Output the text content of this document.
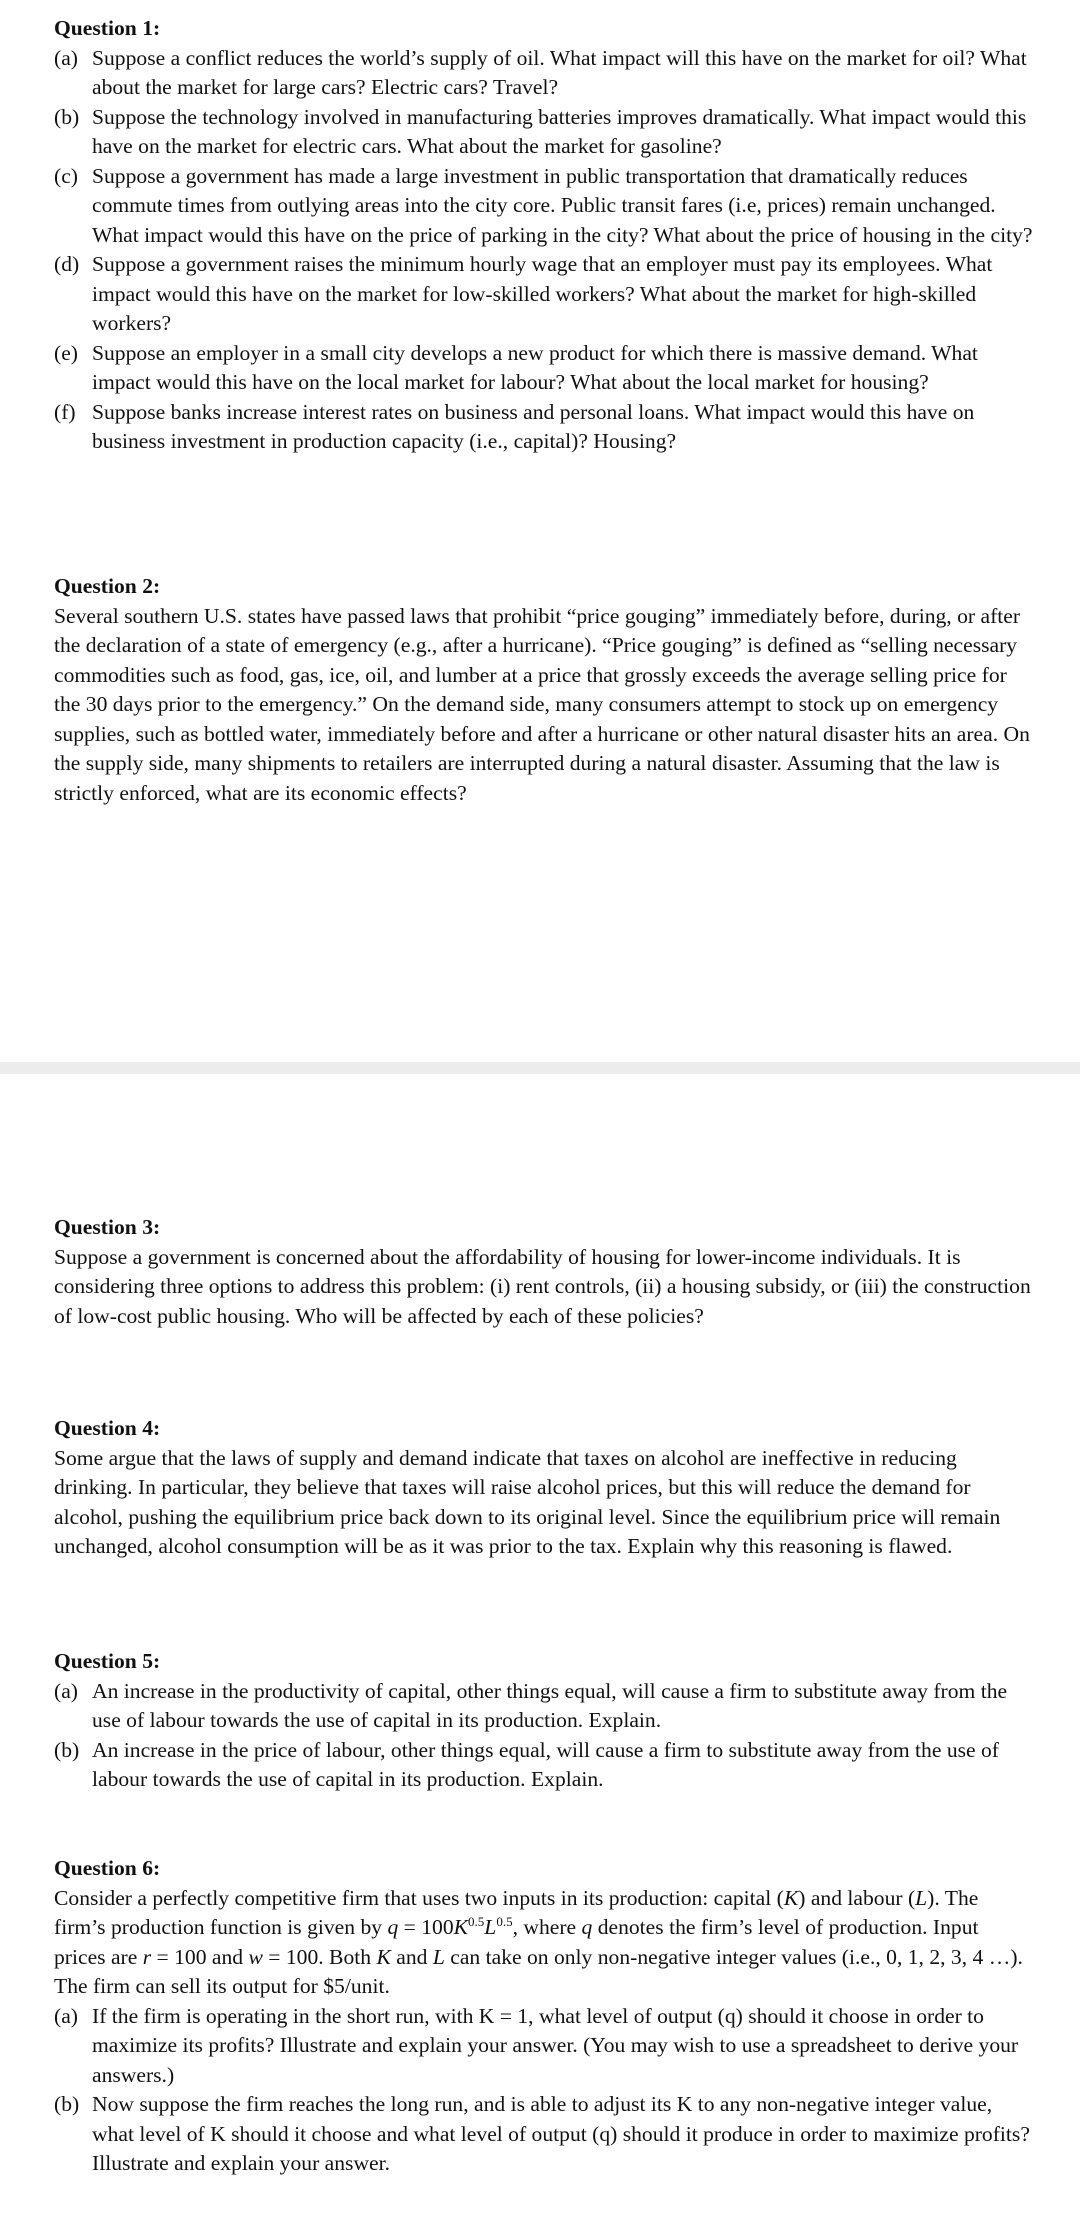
Question 1:
(a) Suppose a conflict reduces the world’s supply of oil. What impact will this have on the market for oil? What about the market for large cars? Electric cars? Travel?
(b) Suppose the technology involved in manufacturing batteries improves dramatically. What impact would this have on the market for electric cars. What about the market for gasoline?
(c) Suppose a government has made a large investment in public transportation that dramatically reduces commute times from outlying areas into the city core. Public transit fares (i.e, prices) remain unchanged. What impact would this have on the price of parking in the city? What about the price of housing in the city?
(d) Suppose a government raises the minimum hourly wage that an employer must pay its employees. What impact would this have on the market for low-skilled workers? What about the market for high-skilled workers?
(e) Suppose an employer in a small city develops a new product for which there is massive demand. What impact would this have on the local market for labour? What about the local market for housing?
(f) Suppose banks increase interest rates on business and personal loans. What impact would this have on business investment in production capacity (i.e., capital)? Housing?
Question 2:
Several southern U.S. states have passed laws that prohibit “price gouging” immediately before, during, or after the declaration of a state of emergency (e.g., after a hurricane). “Price gouging” is defined as “selling necessary commodities such as food, gas, ice, oil, and lumber at a price that grossly exceeds the average selling price for the 30 days prior to the emergency.” On the demand side, many consumers attempt to stock up on emergency supplies, such as bottled water, immediately before and after a hurricane or other natural disaster hits an area. On the supply side, many shipments to retailers are interrupted during a natural disaster. Assuming that the law is strictly enforced, what are its economic effects?
Question 3:
Suppose a government is concerned about the affordability of housing for lower-income individuals. It is considering three options to address this problem: (i) rent controls, (ii) a housing subsidy, or (iii) the construction of low-cost public housing. Who will be affected by each of these policies?
Question 4:
Some argue that the laws of supply and demand indicate that taxes on alcohol are ineffective in reducing drinking. In particular, they believe that taxes will raise alcohol prices, but this will reduce the demand for alcohol, pushing the equilibrium price back down to its original level. Since the equilibrium price will remain unchanged, alcohol consumption will be as it was prior to the tax. Explain why this reasoning is flawed.
Question 5:
(a) An increase in the productivity of capital, other things equal, will cause a firm to substitute away from the use of labour towards the use of capital in its production. Explain.
(b) An increase in the price of labour, other things equal, will cause a firm to substitute away from the use of labour towards the use of capital in its production. Explain.
Question 6:
Consider a perfectly competitive firm that uses two inputs in its production: capital (K) and labour (L). The firm’s production function is given by $q = 100K^{0.5}L^{0.5}$, where q denotes the firm’s level of production. Input prices are r = 100 and w = 100. Both K and L can take on only non-negative integer values (i.e., 0, 1, 2, 3, 4 …). The firm can sell its output for $5/unit.
(a) If the firm is operating in the short run, with K = 1, what level of output (q) should it choose in order to maximize its profits? Illustrate and explain your answer. (You may wish to use a spreadsheet to derive your answers.)
(b) Now suppose the firm reaches the long run, and is able to adjust its K to any non-negative integer value, what level of K should it choose and what level of output (q) should it produce in order to maximize profits? Illustrate and explain your answer.
